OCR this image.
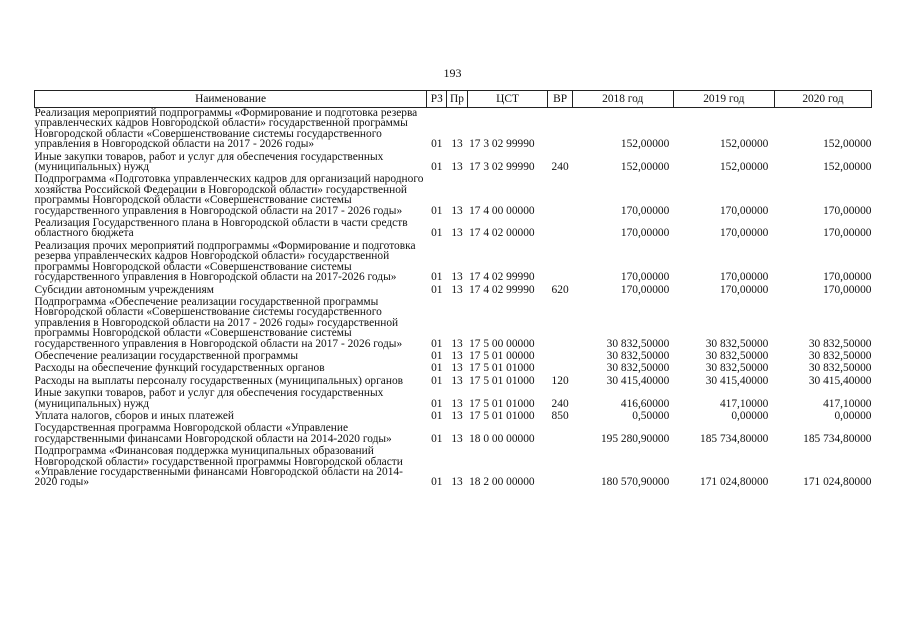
193
Наименование	РЗ	Пр	ЦСТ	ВР	2018 год	2019 год	2020 год
Реализация мероприятий подпрограммы «Формирование и подготовка резерва управленческих кадров Новгородской области» государственной программы Новгородской области «Совершенствование системы государственного управления в Новгородской области на 2017 - 2026 годы»	01	13	17 3 02 99990		152,00000	152,00000	152,00000
Иные закупки товаров, работ и услуг для обеспечения государственных (муниципальных) нужд	01	13	17 3 02 99990	240	152,00000	152,00000	152,00000
Подпрограмма «Подготовка управленческих кадров для организаций народного хозяйства Российской Федерации в Новгородской области» государственной программы Новгородской области «Совершенствование системы государственного управления в Новгородской области на 2017 - 2026 годы»	01	13	17 4 00 00000		170,00000	170,00000	170,00000
Реализация Государственного плана в Новгородской области в части средств областного бюджета	01	13	17 4 02 00000		170,00000	170,00000	170,00000
Реализация прочих мероприятий подпрограммы «Формирование и подготовка резерва управленческих кадров Новгородской области» государственной программы Новгородской области «Совершенствование системы государственного управления в Новгородской области на 2017-2026 годы»	01	13	17 4 02 99990		170,00000	170,00000	170,00000
Субсидии автономным учреждениям	01	13	17 4 02 99990	620	170,00000	170,00000	170,00000
Подпрограмма «Обеспечение реализации государственной программы Новгородской области «Совершенствование системы государственного управления в Новгородской области на 2017 - 2026 годы» государственной программы Новгородской области «Совершенствование системы государственного управления в Новгородской области на 2017 - 2026 годы»	01	13	17 5 00 00000		30 832,50000	30 832,50000	30 832,50000
Обеспечение реализации государственной программы	01	13	17 5 01 00000		30 832,50000	30 832,50000	30 832,50000
Расходы на обеспечение функций государственных органов	01	13	17 5 01 01000		30 832,50000	30 832,50000	30 832,50000
Расходы на выплаты персоналу государственных (муниципальных) органов	01	13	17 5 01 01000	120	30 415,40000	30 415,40000	30 415,40000
Иные закупки товаров, работ и услуг для обеспечения государственных (муниципальных) нужд	01	13	17 5 01 01000	240	416,60000	417,10000	417,10000
Уплата налогов, сборов и иных платежей	01	13	17 5 01 01000	850	0,50000	0,00000	0,00000
Государственная программа Новгородской области «Управление государственными финансами Новгородской области на 2014-2020 годы»	01	13	18 0 00 00000		195 280,90000	185 734,80000	185 734,80000
Подпрограмма «Финансовая поддержка муниципальных образований Новгородской области» государственной программы Новгородской области «Управление государственными финансами Новгородской области на 2014-2020 годы»	01	13	18 2 00 00000		180 570,90000	171 024,80000	171 024,80000
